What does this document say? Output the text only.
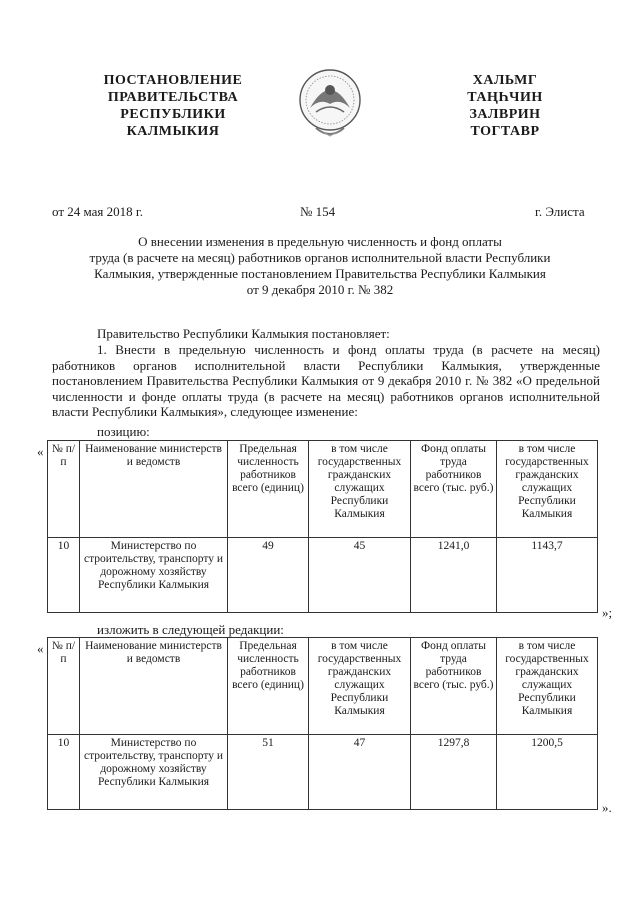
ПОСТАНОВЛЕНИЕ
ПРАВИТЕЛЬСТВА
РЕСПУБЛИКИ
КАЛМЫКИЯ
ХАЛЬМГ
ТАҢҺЧИН
ЗАЛВРИН
ТОГТАВР
от 24 мая 2018 г.	№ 154	г. Элиста
О внесении изменения в предельную численность и фонд оплаты
труда (в расчете на месяц) работников органов исполнительной власти Республики
Калмыкия, утвержденные постановлением Правительства Республики Калмыкия
от 9 декабря 2010 г. № 382
Правительство Республики Калмыкия постановляет:
1. Внести в предельную численность и фонд оплаты труда (в расчете на месяц) работников органов исполнительной власти Республики Калмыкия, утвержденные постановлением Правительства Республики Калмыкия от 9 декабря 2010 г. № 382 «О предельной численности и фонде оплаты труда (в расчете на месяц) работников органов исполнительной власти Республики Калмыкия», следующее изменение:
позицию:
« № п/п	Наименование министерств и ведомств	Предельная численность работников всего (единиц)	в том числе государственных гражданских служащих Республики Калмыкия	Фонд оплаты труда работников всего (тыс. руб.)	в том числе государственных гражданских служащих Республики Калмыкия
10	Министерство по строительству, транспорту и дорожному хозяйству Республики Калмыкия	49	45	1241,0	1143,7
»;
изложить в следующей редакции:
« № п/п	Наименование министерств и ведомств	Предельная численность работников всего (единиц)	в том числе государственных гражданских служащих Республики Калмыкия	Фонд оплаты труда работников всего (тыс. руб.)	в том числе государственных гражданских служащих Республики Калмыкия
10	Министерство по строительству, транспорту и дорожному хозяйству Республики Калмыкия	51	47	1297,8	1200,5
».
